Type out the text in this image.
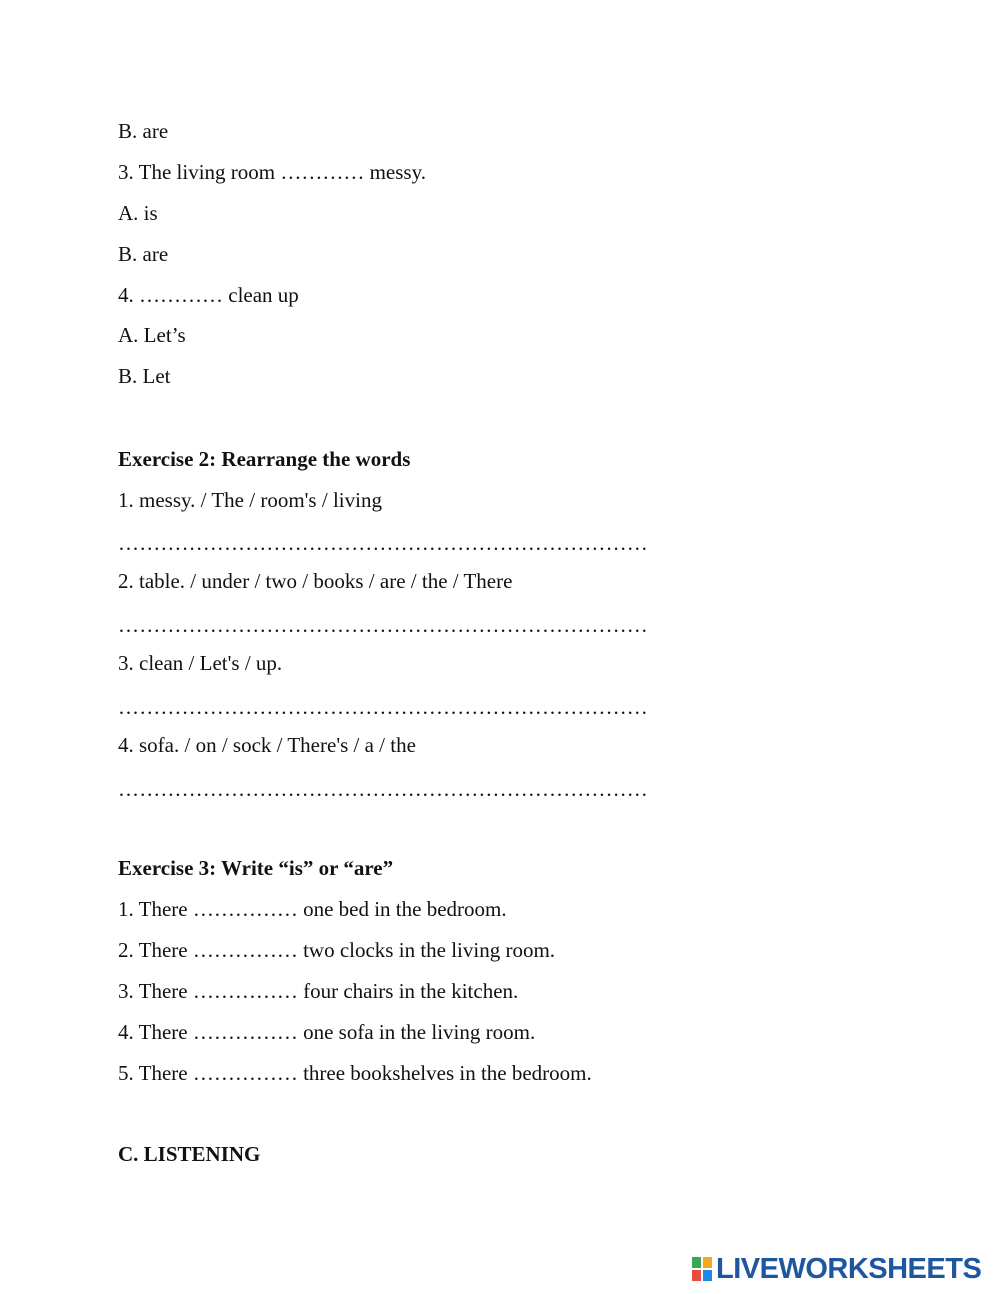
B. are
3. The living room ………… messy.
A. is
B. are
4. ………… clean up
A. Let’s
B. Let
Exercise 2: Rearrange the words
1. messy. / The / room's / living
…………………………………………………………………
2. table. / under / two / books / are / the / There
…………………………………………………………………
3. clean / Let's / up.
…………………………………………………………………
4. sofa. / on / sock / There's / a / the
…………………………………………………………………
Exercise 3: Write “is” or “are”
1. There …………… one bed in the bedroom.
2. There …………… two clocks in the living room.
3. There …………… four chairs in the kitchen.
4. There …………… one sofa in the living room.
5. There …………… three bookshelves in the bedroom.
C. LISTENING
LIVEWORKSHEETS
